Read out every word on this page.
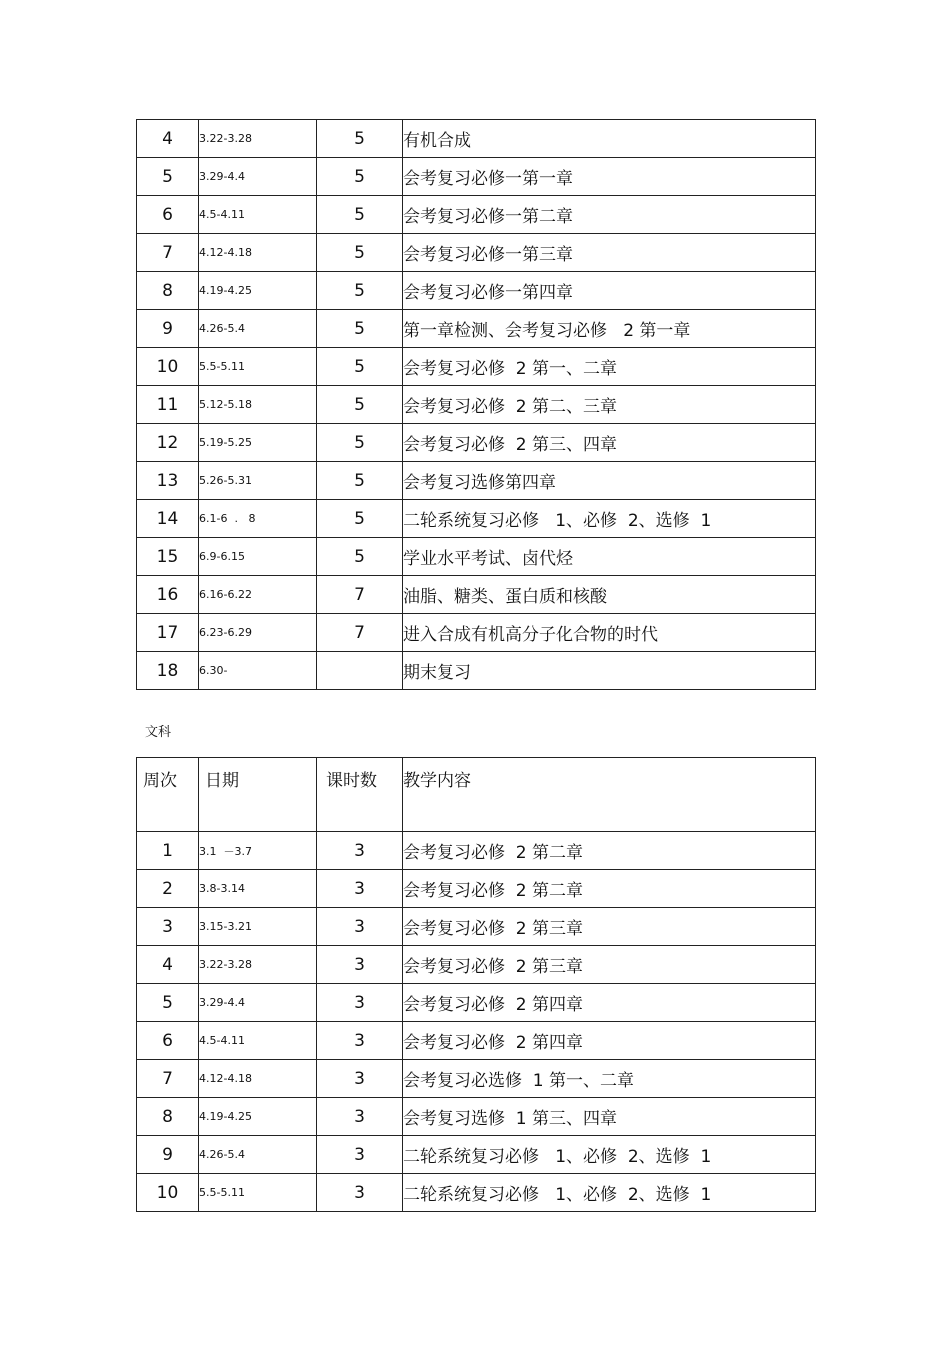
4	3.22-3.28	5	有机合成
5	3.29-4.4	5	会考复习必修一第一章
6	4.5-4.11	5	会考复习必修一第二章
7	4.12-4.18	5	会考复习必修一第三章
8	4.19-4.25	5	会考复习必修一第四章
9	4.26-5.4	5	第一章检测、会考复习必修   2 第一章
10	5.5-5.11	5	会考复习必修  2 第一、二章
11	5.12-5.18	5	会考复习必修  2 第二、三章
12	5.19-5.25	5	会考复习必修  2 第三、四章
13	5.26-5.31	5	会考复习选修第四章
14	6.1-6  .   8	5	二轮系统复习必修   1、必修  2、选修  1
15	6.9-6.15	5	学业水平考试、卤代烃
16	6.16-6.22	7	油脂、糖类、蛋白质和核酸
17	6.23-6.29	7	进入合成有机高分子化合物的时代
18	6.30-		期末复习
文科
周次	日期	课时数	教学内容
1	3.1  －3.7	3	会考复习必修  2 第二章
2	3.8-3.14	3	会考复习必修  2 第二章
3	3.15-3.21	3	会考复习必修  2 第三章
4	3.22-3.28	3	会考复习必修  2 第三章
5	3.29-4.4	3	会考复习必修  2 第四章
6	4.5-4.11	3	会考复习必修  2 第四章
7	4.12-4.18	3	会考复习必选修  1 第一、二章
8	4.19-4.25	3	会考复习选修  1 第三、四章
9	4.26-5.4	3	二轮系统复习必修   1、必修  2、选修  1
10	5.5-5.11	3	二轮系统复习必修   1、必修  2、选修  1
